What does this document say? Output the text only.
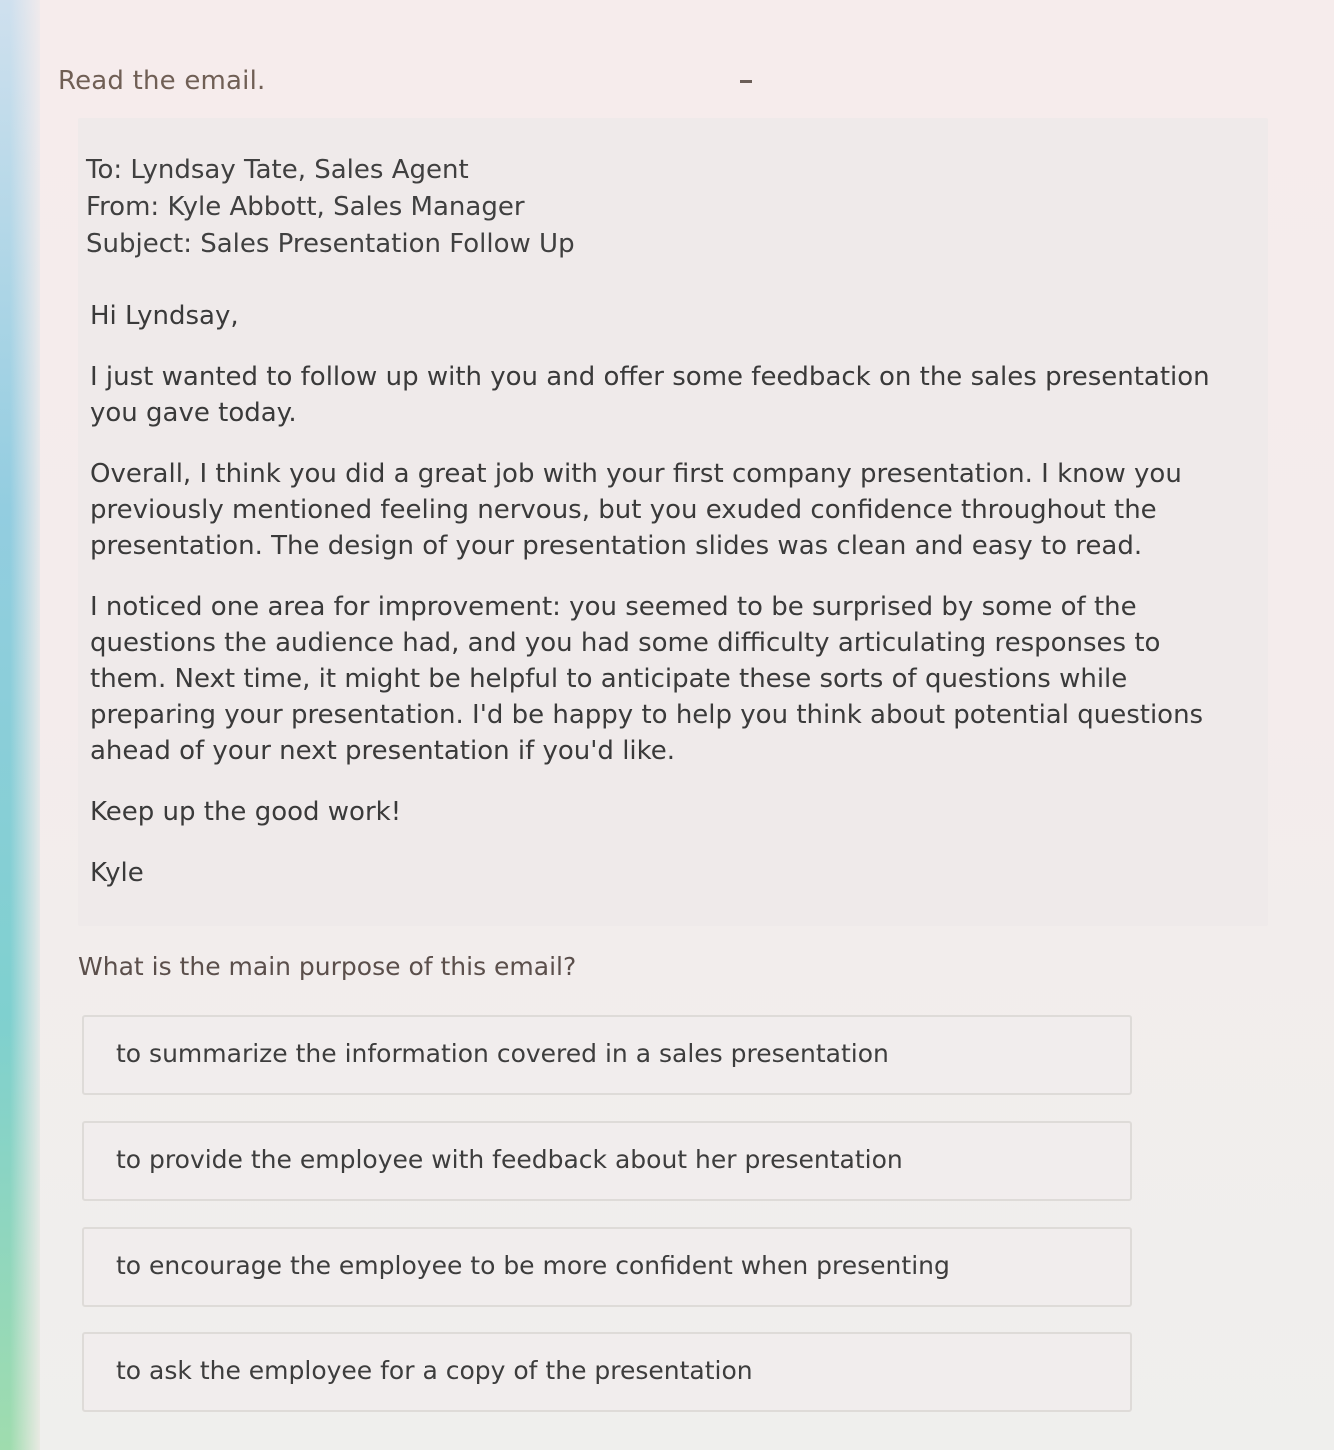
Read the email.
To: Lyndsay Tate, Sales Agent
From: Kyle Abbott, Sales Manager
Subject: Sales Presentation Follow Up

Hi Lyndsay,

I just wanted to follow up with you and offer some feedback on the sales presentation you gave today.

Overall, I think you did a great job with your first company presentation. I know you previously mentioned feeling nervous, but you exuded confidence throughout the presentation. The design of your presentation slides was clean and easy to read.

I noticed one area for improvement: you seemed to be surprised by some of the questions the audience had, and you had some difficulty articulating responses to them. Next time, it might be helpful to anticipate these sorts of questions while preparing your presentation. I'd be happy to help you think about potential questions ahead of your next presentation if you'd like.

Keep up the good work!

Kyle

What is the main purpose of this email?
to summarize the information covered in a sales presentation
to provide the employee with feedback about her presentation
to encourage the employee to be more confident when presenting
to ask the employee for a copy of the presentation
